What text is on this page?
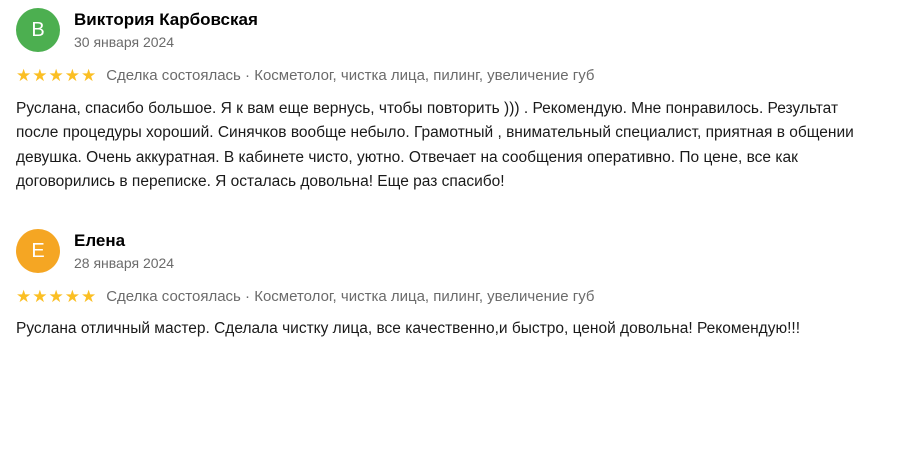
В Виктория Карбовская
30 января 2024
★★★★★ Сделка состоялась · Косметолог, чистка лица, пилинг, увеличение губ
Руслана, спасибо большое. Я к вам еще вернусь, чтобы повторить ))) . Рекомендую. Мне понравилось. Результат после процедуры хороший. Синячков вообще небыло. Грамотный , внимательный специалист, приятная в общении девушка. Очень аккуратная. В кабинете чисто, уютно. Отвечает на сообщения оперативно. По цене, все как договорились в переписке. Я осталась довольна! Еще раз спасибо!
Е Елена
28 января 2024
★★★★★ Сделка состоялась · Косметолог, чистка лица, пилинг, увеличение губ
Руслана отличный мастер. Сделала чистку лица, все качественно,и быстро, ценой довольна! Рекомендую!!!
